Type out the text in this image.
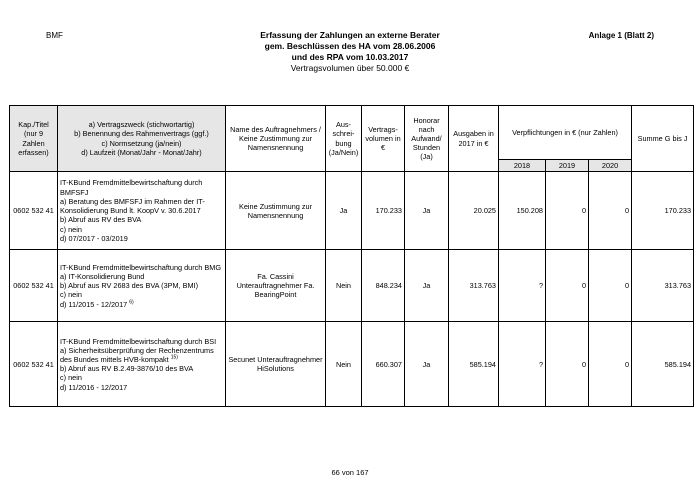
BMF	Anlage 1 (Blatt 2)
Erfassung der Zahlungen an externe Berater
gem. Beschlüssen des HA vom 28.06.2006
und des RPA vom 10.03.2017
Vertragsvolumen über 50.000 €
Kap./Titel (nur 9 Zahlen erfassen)	a) Vertragszweck (stichwortartig)
b) Benennung des Rahmenvertrags (ggf.)
c) Normsetzung (ja/nein)
d) Laufzeit (Monat/Jahr - Monat/Jahr)	Name des Auftragnehmers / Keine Zustimmung zur Namensnennung	Aus-schrei-bung (Ja/Nein)	Vertrags-volumen in €	Honorar nach Aufwand/ Stunden (Ja)	Ausgaben in 2017 in €	Verpflichtungen in € (nur Zahlen)			Summe G bis J
							2018	2019	2020	
0602 532 41	IT-KBund Fremdmittelbewirtschaftung durch BMFSFJ
a) Beratung des BMFSFJ im Rahmen der IT-Konsolidierung Bund lt. KoopV v. 30.6.2017
b) Abruf aus RV des BVA
c) nein
d) 07/2017 - 03/2019	Keine Zustimmung zur Namensnennung	Ja	170.233	Ja	20.025	150.208	0	0	170.233
0602 532 41	IT-KBund Fremdmittelbewirtschaftung durch BMG
a) IT-Konsolidierung Bund
b) Abruf aus RV 2683 des BVA (3PM, BMI)
c) nein
d) 11/2015 - 12/2017 $^{6)}$	Fa. Cassini Unterauftragnehmer Fa. BearingPoint	Nein	848.234	Ja	313.763	?	0	0	313.763
0602 532 41	IT-KBund Fremdmittelbewirtschaftung durch BSI
a) Sicherheitsüberprüfung der Rechenzentrums des Bundes mittels HVB-kompakt $^{15)}$
b) Abruf aus RV B.2.49-3876/10 des BVA
c) nein
d) 11/2016 - 12/2017	Secunet Unterauftragnehmer HiSolutions	Nein	660.307	Ja	585.194	?	0	0	585.194
66 von 167
